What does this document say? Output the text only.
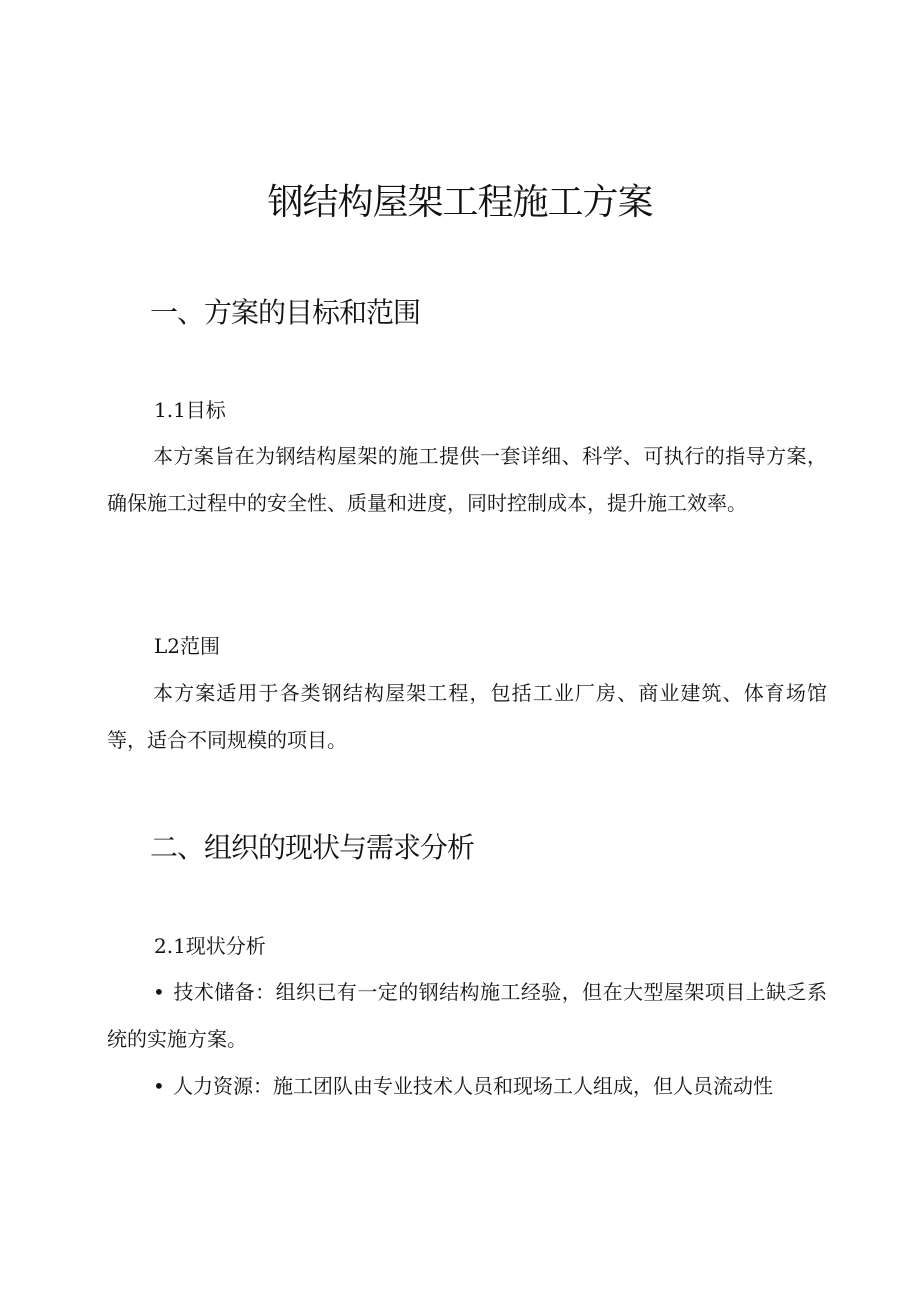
钢结构屋架工程施工方案
一、方案的目标和范围
1.1目标

本方案旨在为钢结构屋架的施工提供一套详细、科学、可执行的指导方案，确保施工过程中的安全性、质量和进度，同时控制成本，提升施工效率。

L2范围

本方案适用于各类钢结构屋架工程，包括工业厂房、商业建筑、体育场馆等，适合不同规模的项目。

二、组织的现状与需求分析
2.1现状分析

• 技术储备：组织已有一定的钢结构施工经验，但在大型屋架项目上缺乏系统的实施方案。

• 人力资源：施工团队由专业技术人员和现场工人组成，但人员流动性
